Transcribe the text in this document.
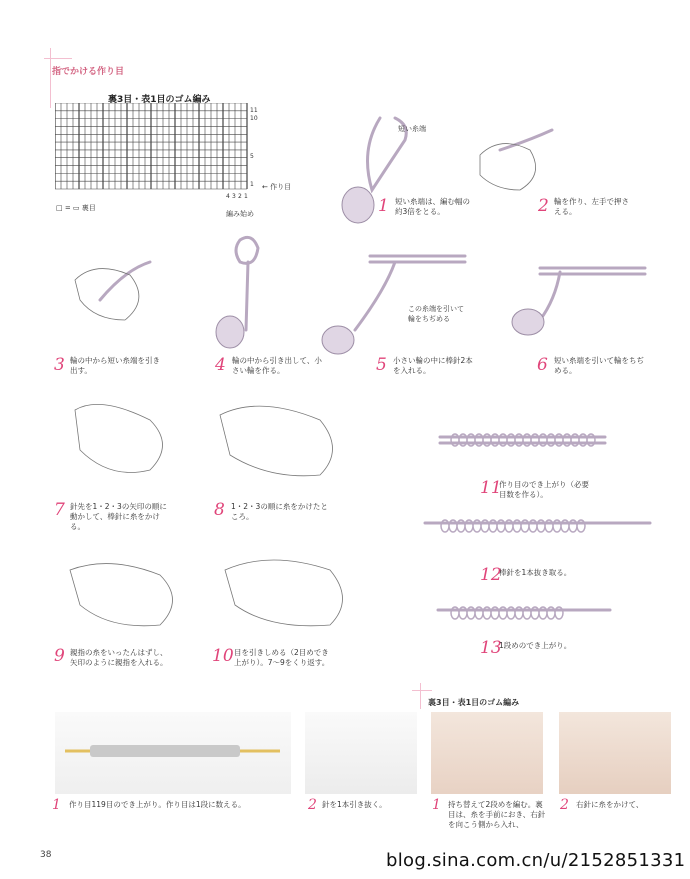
指でかける作り目
裏3目・表1目のゴム編み
11
10
5
1
4 3 2 1
← 作り目
編み始め
□ = ▭ 裏目	1 短い糸端は、編む幅の約3倍をとる。
短い糸端
2 輪を作り、左手で押さえる。
3 輪の中から短い糸端を引き出す。	4 輪の中から引き出して、小さい輪を作る。	5 小さい輪の中に棒針2本を入れる。
この糸端を引いて輪をちぢめる
6 短い糸端を引いて輪をちぢめる。
7 針先を1・2・3の矢印の順に動かして、棒針に糸をかける。
8 1・2・3の順に糸をかけたところ。
9 親指の糸をいったんはずし、矢印のように親指を入れる。	10 目を引きしめる（2目めでき上がり）。7〜9をくり返す。
11
作り目のでき上がり（必要目数を作る）。
12
棒針を1本抜き取る。
13
1段めのでき上がり。
裏3目・表1目のゴム編み
1 作り目119目のでき上がり。作り目は1段に数える。	2 針を1本引き抜く。	1 持ち替えて2段めを編む。裏目は、糸を手前におき、右針を向こう側から入れ、
2 右針に糸をかけて、
38	blog.sina.com.cn/u/2152851331
